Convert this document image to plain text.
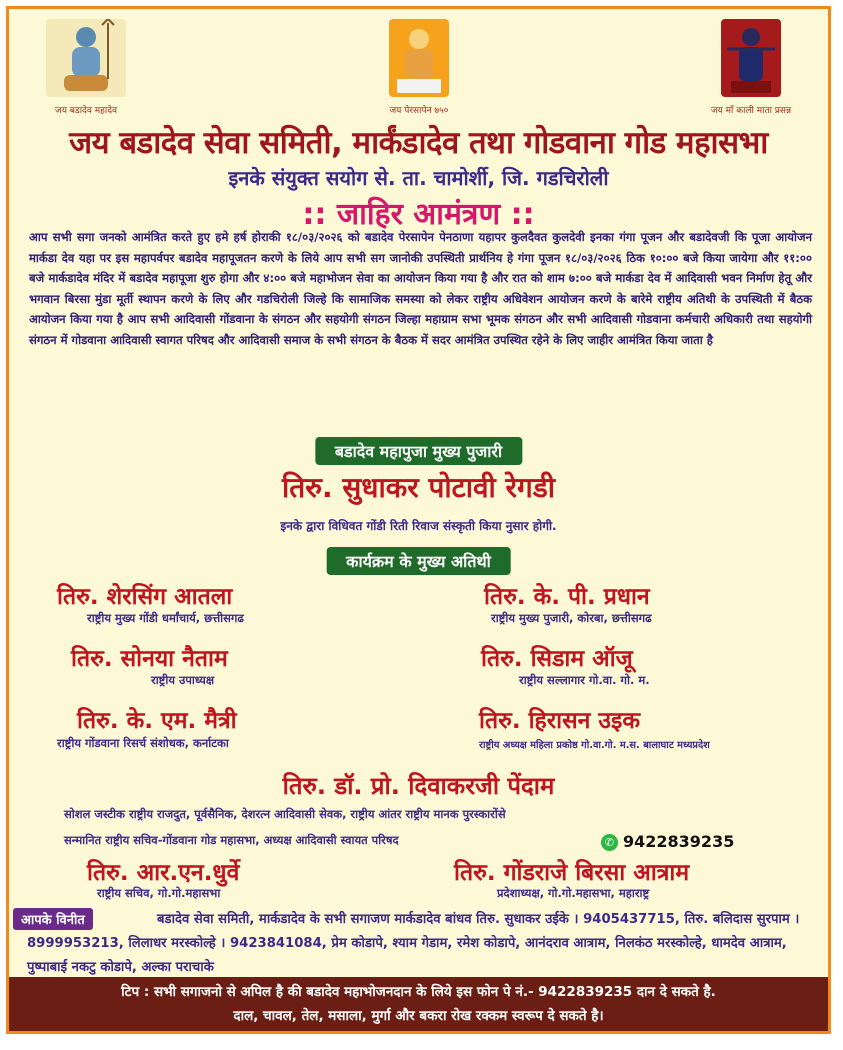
जय बडादेव महादेव	जय पेरसापेन ७५०	जय माँ काली माता प्रसन्न
जय बडादेव सेवा समिती, मार्कंडादेव तथा गोडवाना गोड महासभा
इनके संयुक्त सयोग से. ता. चामोर्शी, जि. गडचिरोली
:: जाहिर आमंत्रण ::
आप सभी सगा जनको आमंत्रित करते हुए हमे हर्ष होराकी १८/०३/२०२६ को बडादेव पेरसापेन पेनठाणा यहापर कुलदैवत कुलदेवी इनका गंगा पूजन और बडादेवजी कि पूजा आयोजन मार्कडा देव यहा पर इस महापर्वपर बडादेव महापूजतन करणे के लिये आप सभी सग जानोकी उपस्थिती प्रार्थनिय हे गंगा पूजन १८/०३/२०२६ ठिक १०:०० बजे किया जायेगा और ११:०० बजे मार्कडादेव मंदिर में बडादेव महापूजा शुरु होगा और ४:०० बजे महाभोजन सेवा का आयोजन किया गया है और रात को शाम ७:०० बजे मार्कडा देव में आदिवासी भवन निर्माण हेतू और भगवान बिरसा मुंडा मूर्ती स्थापन करणे के लिए और गडचिरोली जिल्हे कि सामाजिक समस्या को लेकर राष्ट्रीय अधिवेशन आयोजन करणे के बारेमे राष्ट्रीय अतिथी के उपस्थिती में बैठक आयोजन किया गया है आप सभी आदिवासी गोंडवाना के संगठन और सहयोगी संगठन जिल्हा महाग्राम सभा भूमक संगठन और सभी आदिवासी गोडवाना कर्मचारी अधिकारी तथा सहयोगी संगठन में गोडवाना आदिवासी स्वागत परिषद और आदिवासी समाज के सभी संगठन के बैठक में सदर आमंत्रित उपस्थित रहेने के लिए जाहीर आमंत्रित किया जाता है
बडादेव महापुजा मुख्य पुजारी
तिरु. सुधाकर पोटावी रेगडी
इनके द्वारा विधिवत गोंडी रिती रिवाज संस्कृती किया नुसार होगी.
कार्यक्रम के मुख्य अतिथी
तिरु. शेरसिंग आतला
राष्ट्रीय मुख्य गोंडी धर्मांचार्य, छत्तीसगढ
तिरु. के. पी. प्रधान
राष्ट्रीय मुख्य पुजारी, कोरबा, छत्तीसगढ
तिरु. सोनया नैताम
राष्ट्रीय उपाध्यक्ष
तिरु. सिडाम ऑजू
राष्ट्रीय सल्लागार गो.वा. गो. म.
तिरु. के. एम. मैत्री
राष्ट्रीय गोंडवाना रिसर्च संशोधक, कर्नाटका
तिरु. हिरासन उइक
राष्ट्रीय अध्यक्ष महिला प्रकोष्ठ गो.वा.गो. म.स. बालाघाट मध्यप्रदेश
तिरु. डॉ. प्रो. दिवाकरजी पेंदाम
सोशल जस्टीक राष्ट्रीय राजदुत, पूर्वसैनिक, देशरत्न आदिवासी सेवक, राष्ट्रीय आंतर राष्ट्रीय मानक पुरस्कारोंसे
सन्मानित राष्ट्रीय सचिव-गोंडवाना गोड महासभा, अध्यक्ष आदिवासी स्वायत परिषद	✆ 9422839235
तिरु. आर.एन.धुर्वे
राष्ट्रीय सचिव, गो.गो.महासभा
तिरु. गोंडराजे बिरसा आत्राम
प्रदेशाध्यक्ष, गो.गो.महासभा, महाराष्ट्र
बडादेव सेवा समिती, मार्कडादेव के सभी सगाजण मार्कडादेव बांधव तिरु. सुधाकर उईके । 9405437715, तिरु. बलिदास सुरपाम । 8999953213, लिलाधर मरस्कोल्हे । 9423841084, प्रेम कोडापे, श्याम गेडाम, रमेश कोडापे, आनंदराव आत्राम, निलकंठ मरस्कोल्हे, धामदेव आत्राम, पुष्पाबाई नकटु कोडापे, अल्का पराचाके
आपके विनीत
टिप : सभी सगाजनो से अपिल है की बडादेव महाभोजनदान के लिये इस फोन पे नं.- 9422839235 दान दे सकते है.
दाल, चावल, तेल, मसाला, मुर्गा और बकरा रोख रक्कम स्वरूप दे सकते है।
